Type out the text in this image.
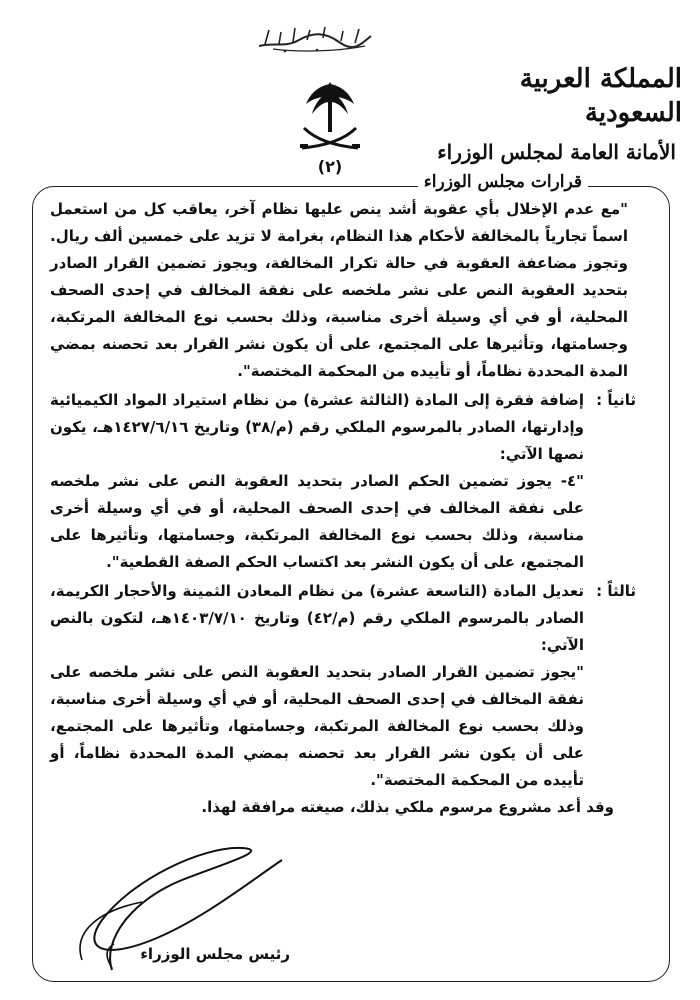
(٢)
المملكة العربية السعودية
الأمانة العامة لمجلس الوزراء
قرارات مجلس الوزراء

"مع عدم الإخلال بأي عقوبة أشد ينص عليها نظام آخر، يعاقب كل من استعمل اسماً تجارياً بالمخالفة لأحكام هذا النظام، بغرامة لا تزيد على خمسين ألف ريال. وتجوز مضاعفة العقوبة في حالة تكرار المخالفة، ويجوز تضمين القرار الصادر بتحديد العقوبة النص على نشر ملخصه على نفقة المخالف في إحدى الصحف المحلية، أو في أي وسيلة أخرى مناسبة، وذلك بحسب نوع المخالفة المرتكبة، وجسامتها، وتأثيرها على المجتمع، على أن يكون نشر القرار بعد تحصنه بمضي المدة المحددة نظاماً، أو تأييده من المحكمة المختصة".

ثانياً :

إضافة فقرة إلى المادة (الثالثة عشرة) من نظام استيراد المواد الكيميائية وإدارتها، الصادر بالمرسوم الملكي رقم (م/٣٨) وتاريخ ١٤٢٧/٦/١٦هـ، يكون نصها الآتي:

"٤- يجوز تضمين الحكم الصادر بتحديد العقوبة النص على نشر ملخصه على نفقة المخالف في إحدى الصحف المحلية، أو في أي وسيلة أخرى مناسبة، وذلك بحسب نوع المخالفة المرتكبة، وجسامتها، وتأثيرها على المجتمع، على أن يكون النشر بعد اكتساب الحكم الصفة القطعية".

ثالثاً :

تعديل المادة (التاسعة عشرة) من نظام المعادن الثمينة والأحجار الكريمة، الصادر بالمرسوم الملكي رقم (م/٤٢) وتاريخ ١٤٠٣/٧/١٠هـ، لتكون بالنص الآتي:

"يجوز تضمين القرار الصادر بتحديد العقوبة النص على نشر ملخصه على نفقة المخالف في إحدى الصحف المحلية، أو في أي وسيلة أخرى مناسبة، وذلك بحسب نوع المخالفة المرتكبة، وجسامتها، وتأثيرها على المجتمع، على أن يكون نشر القرار بعد تحصنه بمضي المدة المحددة نظاماً، أو تأييده من المحكمة المختصة".

وقد أعد مشروع مرسوم ملكي بذلك، صيغته مرافقة لهذا.

رئيس مجلس الوزراء
